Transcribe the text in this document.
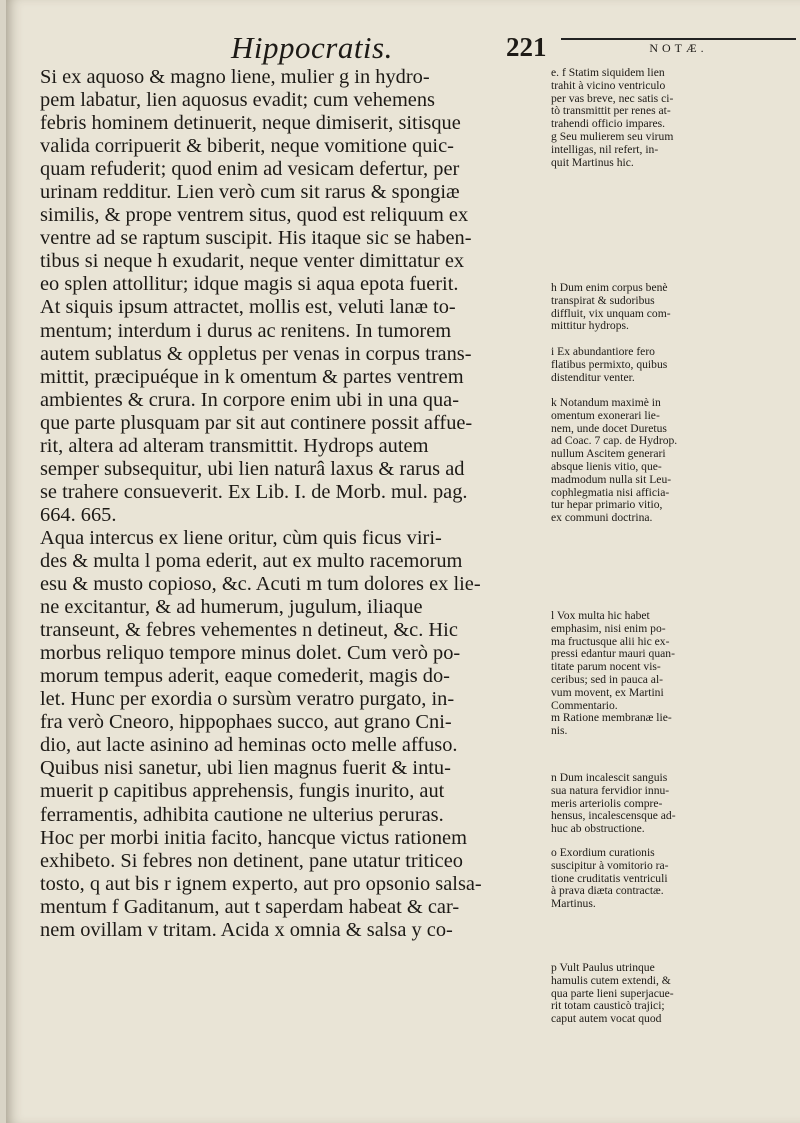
Hippocratis.	221	NOTÆ.
Si ex aquoso & magno liene, mulier g in hydro-
pem labatur, lien aquosus evadit; cum vehemens
febris hominem detinuerit, neque dimiserit, sitisque
valida corripuerit & biberit, neque vomitione quic-
quam refuderit; quod enim ad vesicam defertur, per
urinam redditur. Lien verò cum sit rarus & spongiæ
similis, & prope ventrem situs, quod est reliquum ex
ventre ad se raptum suscipit. His itaque sic se haben-
tibus si neque h exudarit, neque venter dimittatur ex
eo splen attollitur; idque magis si aqua epota fuerit.
At siquis ipsum attractet, mollis est, veluti lanæ to-
mentum; interdum i durus ac renitens. In tumorem
autem sublatus & oppletus per venas in corpus trans-
mittit, præcipuéque in k omentum & partes ventrem
ambientes & crura. In corpore enim ubi in una qua-
que parte plusquam par sit aut continere possit affue-
rit, altera ad alteram transmittit. Hydrops autem
semper subsequitur, ubi lien naturâ laxus & rarus ad
se trahere consueverit. Ex Lib. I. de Morb. mul. pag.
664. 665.
Aqua intercus ex liene oritur, cùm quis ficus viri-
des & multa l poma ederit, aut ex multo racemorum
esu & musto copioso, &c. Acuti m tum dolores ex lie-
ne excitantur, & ad humerum, jugulum, iliaque
transeunt, & febres vehementes n detineut, &c. Hic
morbus reliquo tempore minus dolet. Cum verò po-
morum tempus aderit, eaque comederit, magis do-
let. Hunc per exordia o sursùm veratro purgato, in-
fra verò Cneoro, hippophaes succo, aut grano Cni-
dio, aut lacte asinino ad heminas octo melle affuso.
Quibus nisi sanetur, ubi lien magnus fuerit & intu-
muerit p capitibus apprehensis, fungis inurito, aut
ferramentis, adhibita cautione ne ulterius peruras.
Hoc per morbi initia facito, hancque victus rationem
exhibeto. Si febres non detinent, pane utatur triticeo
tosto, q aut bis r ignem experto, aut pro opsonio salsa-
mentum f Gaditanum, aut t saperdam habeat & car-
nem ovillam v tritam. Acida x omnia & salsa y co-
e. f Statim siquidem lien
trahit à vicino ventriculo
per vas breve, nec satis ci-
tò transmittit per renes at-
trahendi officio impares.
g Seu mulierem seu virum
intelligas, nil refert, in-
quit Martinus hic.
h Dum enim corpus benè
transpirat & sudoribus
diffluit, vix unquam com-
mittitur hydrops.
i Ex abundantiore fero
flatibus permixto, quibus
distenditur venter.
k Notandum maximè in
omentum exonerari lie-
nem, unde docet Duretus
ad Coac. 7 cap. de Hydrop.
nullum Ascitem generari
absque lienis vitio, que-
madmodum nulla sit Leu-
cophlegmatia nisi afficia-
tur hepar primario vitio,
ex communi doctrina.
l Vox multa hic habet
emphasim, nisi enim po-
ma fructusque alii hic ex-
pressi edantur mauri quan-
titate parum nocent vis-
ceribus; sed in pauca al-
vum movent, ex Martini
Commentario.
m Ratione membranæ lie-
nis.
n Dum incalescit sanguis
sua natura fervidior innu-
meris arteriolis compre-
hensus, incalescensque ad-
huc ab obstructione.
o Exordium curationis
suscipitur à vomitorio ra-
tione cruditatis ventriculi
à prava diæta contractæ.
Martinus.
p Vult Paulus utrinque
hamulis cutem extendi, &
qua parte lieni superjacue-
rit totam causticò trajici;
caput autem vocat quod
